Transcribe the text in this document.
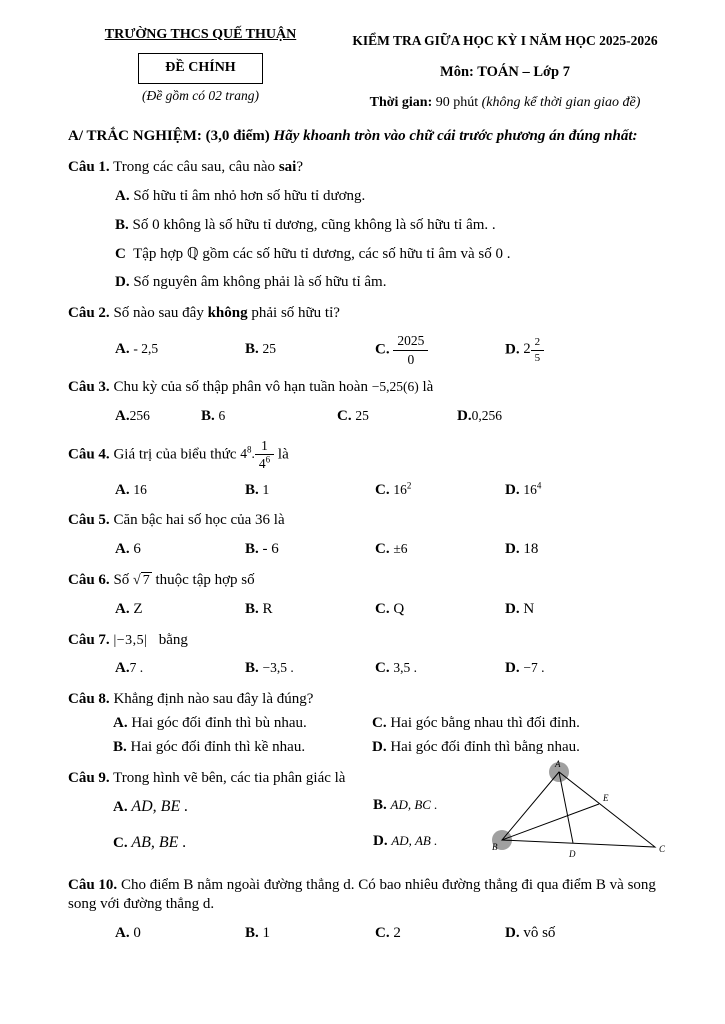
TRƯỜNG THCS QUẾ THUẬN
ĐỀ CHÍNH
(Đề gồm có 02 trang)
KIỂM TRA GIỮA HỌC KỲ I NĂM HỌC 2025-2026
Môn: TOÁN – Lớp 7
Thời gian: 90 phút (không kể thời gian giao đề)
A/ TRẮC NGHIỆM: (3,0 điểm) Hãy khoanh tròn vào chữ cái trước phương án đúng nhất:
Câu 1. Trong các câu sau, câu nào sai?
A. Số hữu tỉ âm nhỏ hơn số hữu tỉ dương.
B. Số 0 không là số hữu tỉ dương, cũng không là số hữu tỉ âm. .
C Tập hợp ℚ gồm các số hữu tỉ dương, các số hữu tỉ âm và số 0 .
D. Số nguyên âm không phải là số hữu tỉ âm.
Câu 2. Số nào sau đây không phải số hữu tỉ?
A. - 2,5	B. 25	C. $\frac{2025}{0}$	D. $2 \frac{2}{5}$
Câu 3. Chu kỳ của số thập phân vô hạn tuần hoàn −5,25(6) là
A.256	B. 6	C. 25	D.0,256
Câu 4. Giá trị của biểu thức $4^8$. $\frac{1}{4^6}$ là
A. 16	B. 1	C. $16^2$	D. $16^4$
Câu 5. Căn bậc hai số học của 36 là
A. 6	B. - 6	C. ±6	D. 18
Câu 6. Số √ 7 thuộc tập hợp số
A. Z	B. R	C. Q	D. N
Câu 7. |−3,5| bằng
A.7 .	B. −3,5 .	C. 3,5 .	D. −7 .
Câu 8. Khẳng định nào sau đây là đúng?
A. Hai góc đối đỉnh thì bù nhau.	C. Hai góc bằng nhau thì đối đỉnh.
B. Hai góc đối đỉnh thì kề nhau.	D. Hai góc đối đỉnh thì bằng nhau.
Câu 9. Trong hình vẽ bên, các tia phân giác là
A. AD, BE .	B. AD, BC .
C. AB, BE .	D. AD, AB .
A
B	C
D
E
Câu 10. Cho điểm B nằm ngoài đường thẳng d. Có bao nhiêu đường thẳng đi qua điểm B và song song với đường thẳng d.
A. 0	B. 1	C. 2	D. vô số
